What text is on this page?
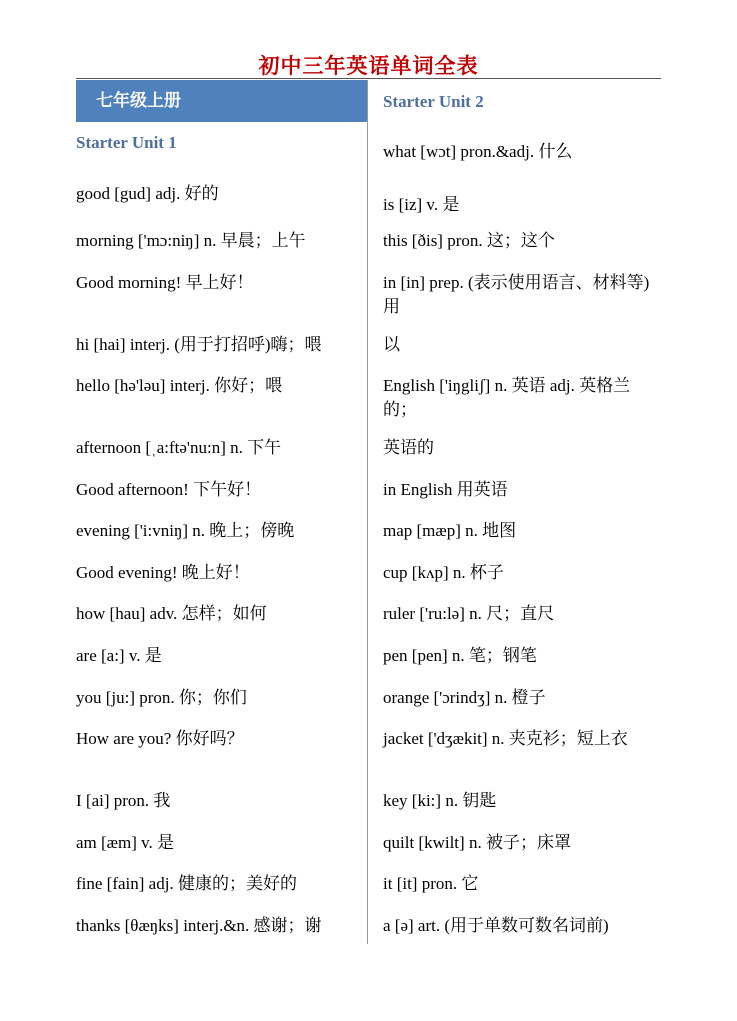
初中三年英语单词全表
七年级上册
Starter Unit 1
Starter Unit 2
good [gud] adj. 好的
morning ['mɔ:niŋ] n. 早晨；上午
Good morning! 早上好！
hi [hai] interj. (用于打招呼)嗨；喂
hello [hə'ləu] interj. 你好；喂
afternoon [ˌa:ftə'nu:n] n. 下午
Good afternoon! 下午好！
evening ['i:vniŋ] n. 晚上；傍晚
Good evening! 晚上好！
how [hau] adv. 怎样；如何
are [a:] v. 是
you [ju:] pron. 你；你们
How are you? 你好吗？
I [ai] pron. 我
am [æm] v. 是
fine [fain] adj. 健康的；美好的
thanks [θæŋks] interj.&n. 感谢；谢
what [wɔt] pron.&adj. 什么
is [iz] v. 是
this [ðis] pron. 这；这个
in [in] prep. (表示使用语言、材料等)用
以
English ['iŋgliʃ] n. 英语 adj. 英格兰的；
英语的
in English 用英语
map [mæp] n. 地图
cup [kʌp] n. 杯子
ruler ['ru:lə] n. 尺；直尺
pen [pen] n. 笔；钢笔
orange ['ɔrindʒ] n. 橙子
jacket ['dʒækit] n. 夹克衫；短上衣
key [ki:] n. 钥匙
quilt [kwilt] n. 被子；床罩
it [it] pron. 它
a [ə] art. (用于单数可数名词前)
